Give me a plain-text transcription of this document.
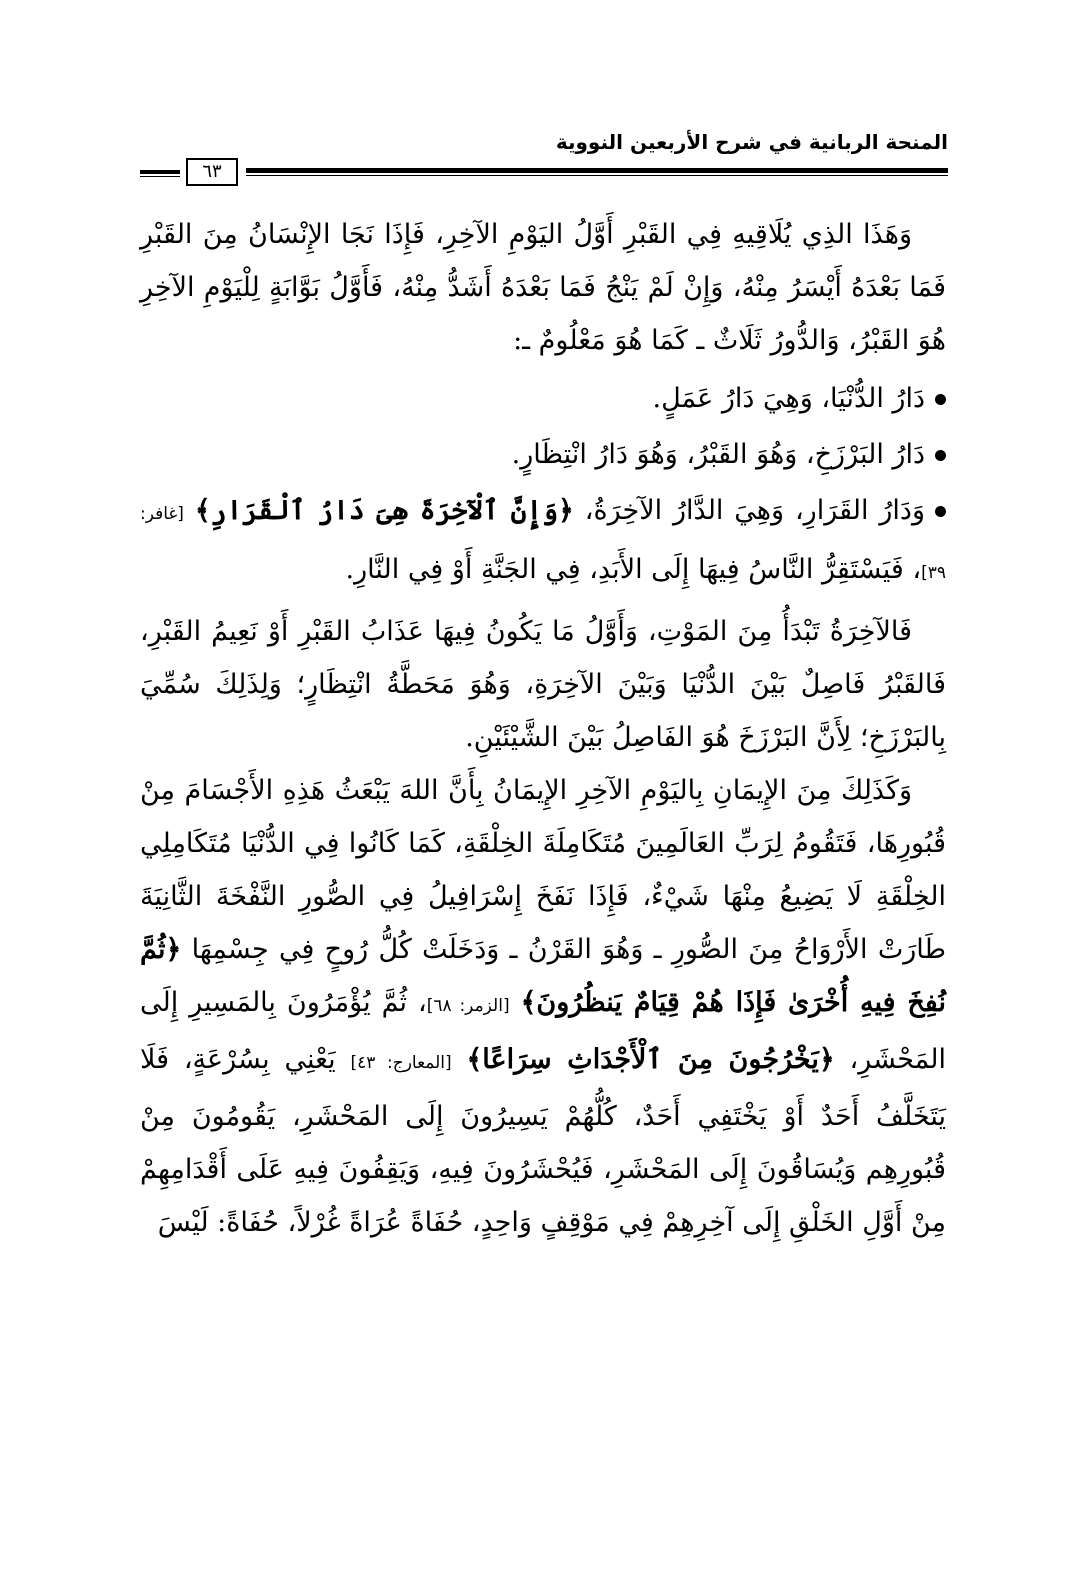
المنحة الربانية في شرح الأربعين النووية
٦٣

وَهَذَا الذِي يُلَاقِيهِ فِي القَبْرِ أَوَّلُ اليَوْمِ الآخِرِ، فَإِذَا نَجَا الإِنْسَانُ مِنَ القَبْرِ فَمَا بَعْدَهُ أَيْسَرُ مِنْهُ، وَإِنْ لَمْ يَنْجُ فَمَا بَعْدَهُ أَشَدُّ مِنْهُ، فَأَوَّلُ بَوَّابَةٍ لِلْيَوْمِ الآخِرِ هُوَ القَبْرُ، وَالدُّورُ ثَلَاثٌ ـ كَمَا هُوَ مَعْلُومٌ ـ:

دَارُ الدُّنْيَا، وَهِيَ دَارُ عَمَلٍ.

دَارُ البَرْزَخِ، وَهُوَ القَبْرُ، وَهُوَ دَارُ انْتِظَارٍ.

وَدَارُ القَرَارِ، وَهِيَ الدَّارُ الآخِرَةُ، ﴿وَإِنَّ ٱلْآخِرَةَ هِىَ دَارُ ٱلْقَرَارِ﴾ [غافر: ٣٩]، فَيَسْتَقِرُّ النَّاسُ فِيهَا إِلَى الأَبَدِ، فِي الجَنَّةِ أَوْ فِي النَّارِ.

فَالآخِرَةُ تَبْدَأُ مِنَ المَوْتِ، وَأَوَّلُ مَا يَكُونُ فِيهَا عَذَابُ القَبْرِ أَوْ نَعِيمُ القَبْرِ، فَالقَبْرُ فَاصِلٌ بَيْنَ الدُّنْيَا وَبَيْنَ الآخِرَةِ، وَهُوَ مَحَطَّةُ انْتِظَارٍ؛ وَلِذَلِكَ سُمِّيَ بِالبَرْزَخِ؛ لِأَنَّ البَرْزَخَ هُوَ الفَاصِلُ بَيْنَ الشَّيْئَيْنِ.

وَكَذَلِكَ مِنَ الإِيمَانِ بِاليَوْمِ الآخِرِ الإِيمَانُ بِأَنَّ اللهَ يَبْعَثُ هَذِهِ الأَجْسَامَ مِنْ قُبُورِهَا، فَتَقُومُ لِرَبِّ العَالَمِينَ مُتَكَامِلَةَ الخِلْقَةِ، كَمَا كَانُوا فِي الدُّنْيَا مُتَكَامِلِي الخِلْقَةِ لَا يَضِيعُ مِنْهَا شَيْءٌ، فَإِذَا نَفَخَ إِسْرَافِيلُ فِي الصُّورِ النَّفْخَةَ الثَّانِيَةَ طَارَتْ الأَرْوَاحُ مِنَ الصُّورِ ـ وَهُوَ القَرْنُ ـ وَدَخَلَتْ كُلُّ رُوحٍ فِي جِسْمِهَا ﴿ثُمَّ نُفِخَ فِيهِ أُخْرَىٰ فَإِذَا هُمْ قِيَامٌ يَنظُرُونَ﴾ [الزمر: ٦٨]، ثُمَّ يُؤْمَرُونَ بِالمَسِيرِ إِلَى المَحْشَرِ، ﴿يَخْرُجُونَ مِنَ ٱلْأَجْدَاثِ سِرَاعًا﴾ [المعارج: ٤٣] يَعْنِي بِسُرْعَةٍ، فَلَا يَتَخَلَّفُ أَحَدٌ أَوْ يَخْتَفِي أَحَدٌ، كُلُّهُمْ يَسِيرُونَ إِلَى المَحْشَرِ، يَقُومُونَ مِنْ قُبُورِهِم وَيُسَاقُونَ إِلَى المَحْشَرِ، فَيُحْشَرُونَ فِيهِ، وَيَقِفُونَ فِيهِ عَلَى أَقْدَامِهِمْ مِنْ أَوَّلِ الخَلْقِ إِلَى آخِرِهِمْ فِي مَوْقِفٍ وَاحِدٍ، حُفَاةً عُرَاةً غُرْلاً، حُفَاةً: لَيْسَ
